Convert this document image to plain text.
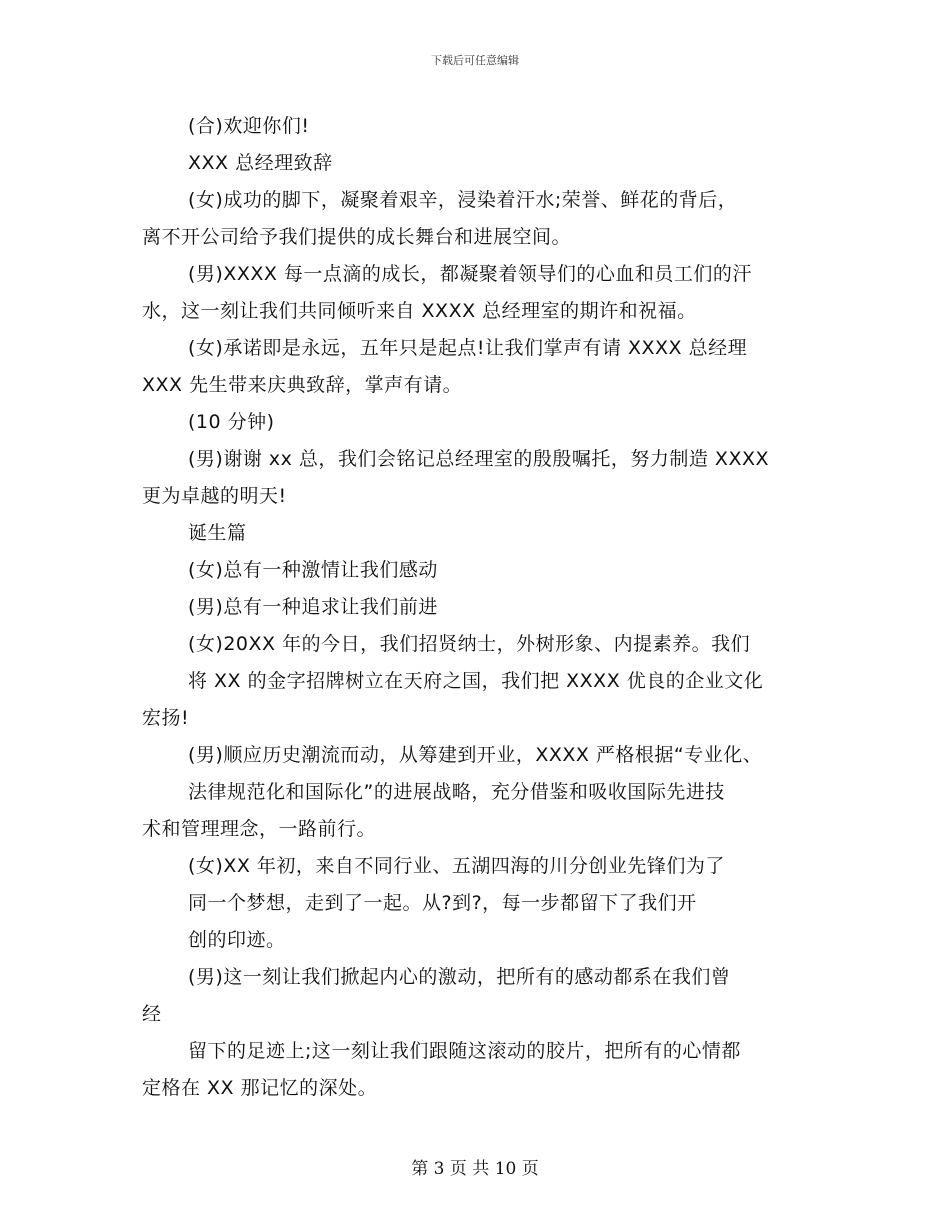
下载后可任意编辑
(合)欢迎你们!
XXX 总经理致辞
(女)成功的脚下，凝聚着艰辛，浸染着汗水;荣誉、鲜花的背后，
离不开公司给予我们提供的成长舞台和进展空间。
(男)XXXX 每一点滴的成长，都凝聚着领导们的心血和员工们的汗
水，这一刻让我们共同倾听来自 XXXX 总经理室的期许和祝福。
(女)承诺即是永远，五年只是起点!让我们掌声有请 XXXX 总经理
XXX 先生带来庆典致辞，掌声有请。
(10 分钟)
(男)谢谢 xx 总，我们会铭记总经理室的殷殷嘱托，努力制造 XXXX
更为卓越的明天!
诞生篇
(女)总有一种激情让我们感动
(男)总有一种追求让我们前进
(女)20XX 年的今日，我们招贤纳士，外树形象、内提素养。我们
将 XX 的金字招牌树立在天府之国，我们把 XXXX 优良的企业文化
宏扬!
(男)顺应历史潮流而动，从筹建到开业，XXXX 严格根据“专业化、
法律规范化和国际化”的进展战略，充分借鉴和吸收国际先进技
术和管理理念，一路前行。
(女)XX 年初，来自不同行业、五湖四海的川分创业先锋们为了
同一个梦想，走到了一起。从?到?，每一步都留下了我们开
创的印迹。
(男)这一刻让我们掀起内心的激动，把所有的感动都系在我们曾
经
留下的足迹上;这一刻让我们跟随这滚动的胶片，把所有的心情都
定格在 XX 那记忆的深处。
第 3 页 共 10 页
